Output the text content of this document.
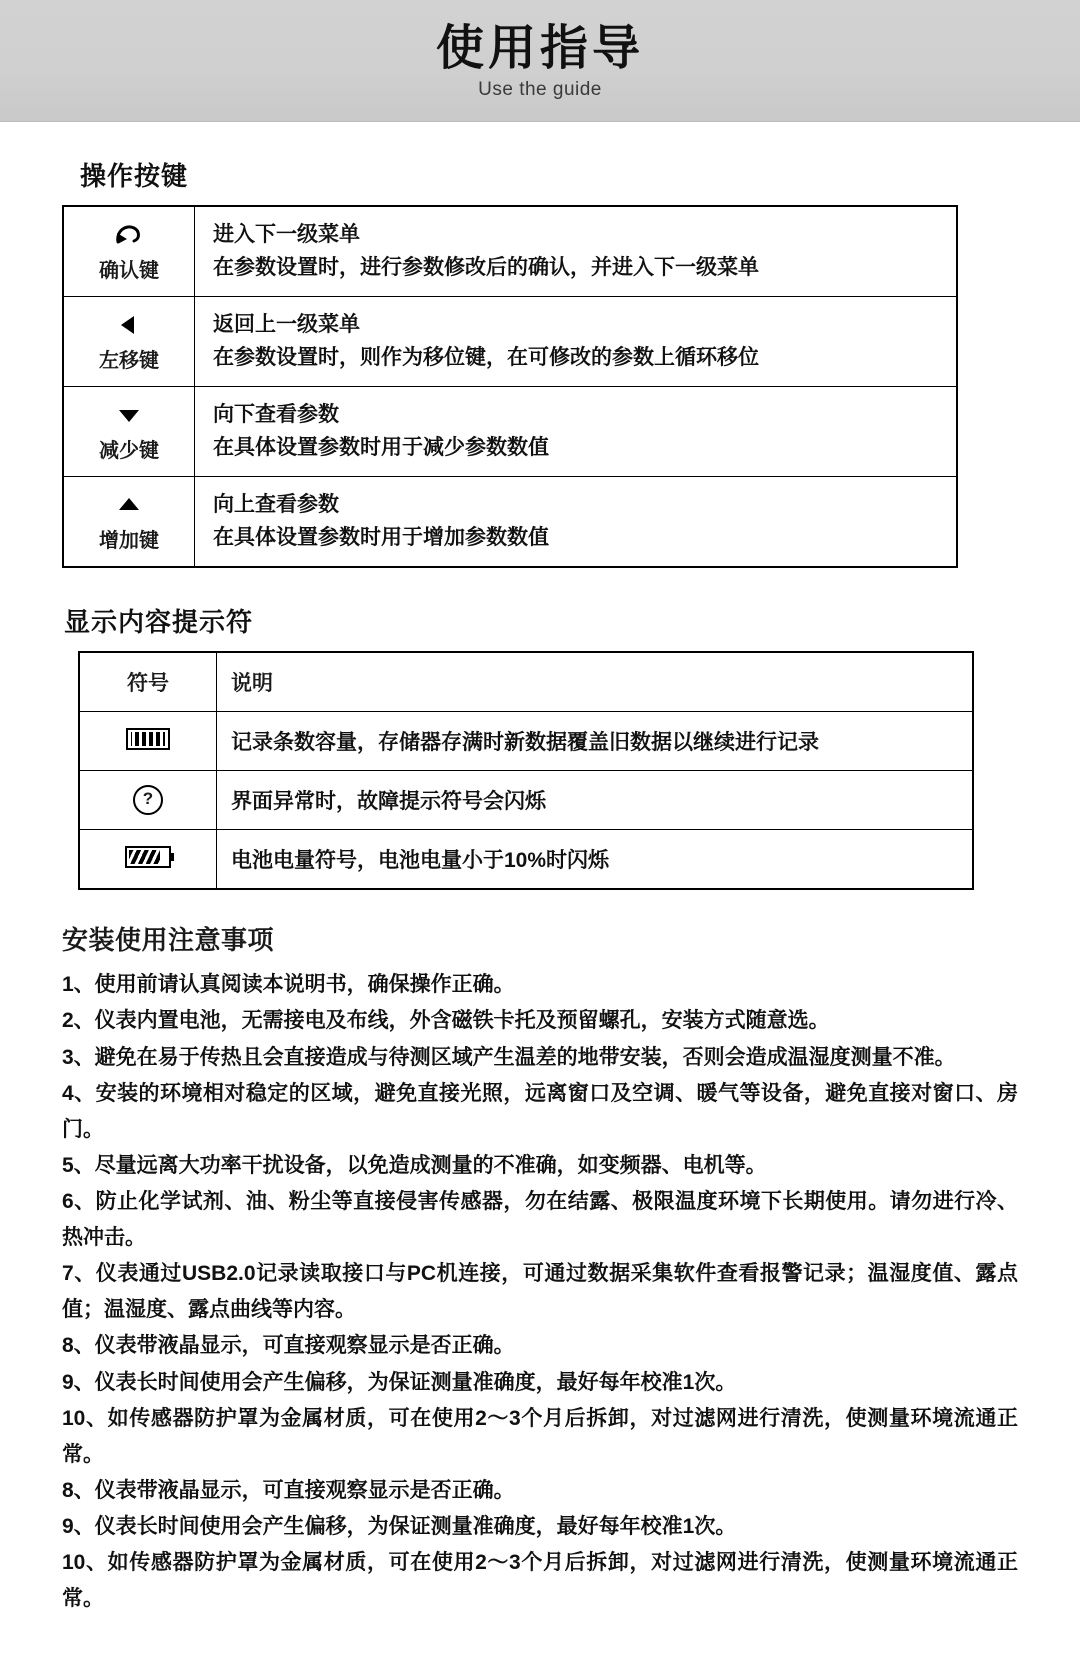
使用指导
Use the guide
操作按键
确认键	进入下一级菜单
在参数设置时，进行参数修改后的确认，并进入下一级菜单

左移键	返回上一级菜单
在参数设置时，则作为移位键，在可修改的参数上循环移位

减少键	向下查看参数
在具体设置参数时用于减少参数数值

增加键	向上查看参数
在具体设置参数时用于增加参数数值
显示内容提示符
符号	说明
	记录条数容量，存储器存满时新数据覆盖旧数据以继续进行记录
?	界面异常时，故障提示符号会闪烁

	电池电量符号，电池电量小于10%时闪烁
安装使用注意事项
1、使用前请认真阅读本说明书，确保操作正确。
2、仪表内置电池，无需接电及布线，外含磁铁卡托及预留螺孔，安装方式随意选。
3、避免在易于传热且会直接造成与待测区域产生温差的地带安装，否则会造成温湿度测量不准。
4、安装的环境相对稳定的区域，避免直接光照，远离窗口及空调、暖气等设备，避免直接对窗口、房门。
5、尽量远离大功率干扰设备，以免造成测量的不准确，如变频器、电机等。
6、防止化学试剂、油、粉尘等直接侵害传感器，勿在结露、极限温度环境下长期使用。请勿进行冷、热冲击。
7、仪表通过USB2.0记录读取接口与PC机连接，可通过数据采集软件查看报警记录；温湿度值、露点值；温湿度、露点曲线等内容。
8、仪表带液晶显示，可直接观察显示是否正确。
9、仪表长时间使用会产生偏移，为保证测量准确度，最好每年校准1次。
10、如传感器防护罩为金属材质，可在使用2～3个月后拆卸，对过滤网进行清洗，使测量环境流通正常。
8、仪表带液晶显示，可直接观察显示是否正确。
9、仪表长时间使用会产生偏移，为保证测量准确度，最好每年校准1次。
10、如传感器防护罩为金属材质，可在使用2～3个月后拆卸，对过滤网进行清洗，使测量环境流通正常。
